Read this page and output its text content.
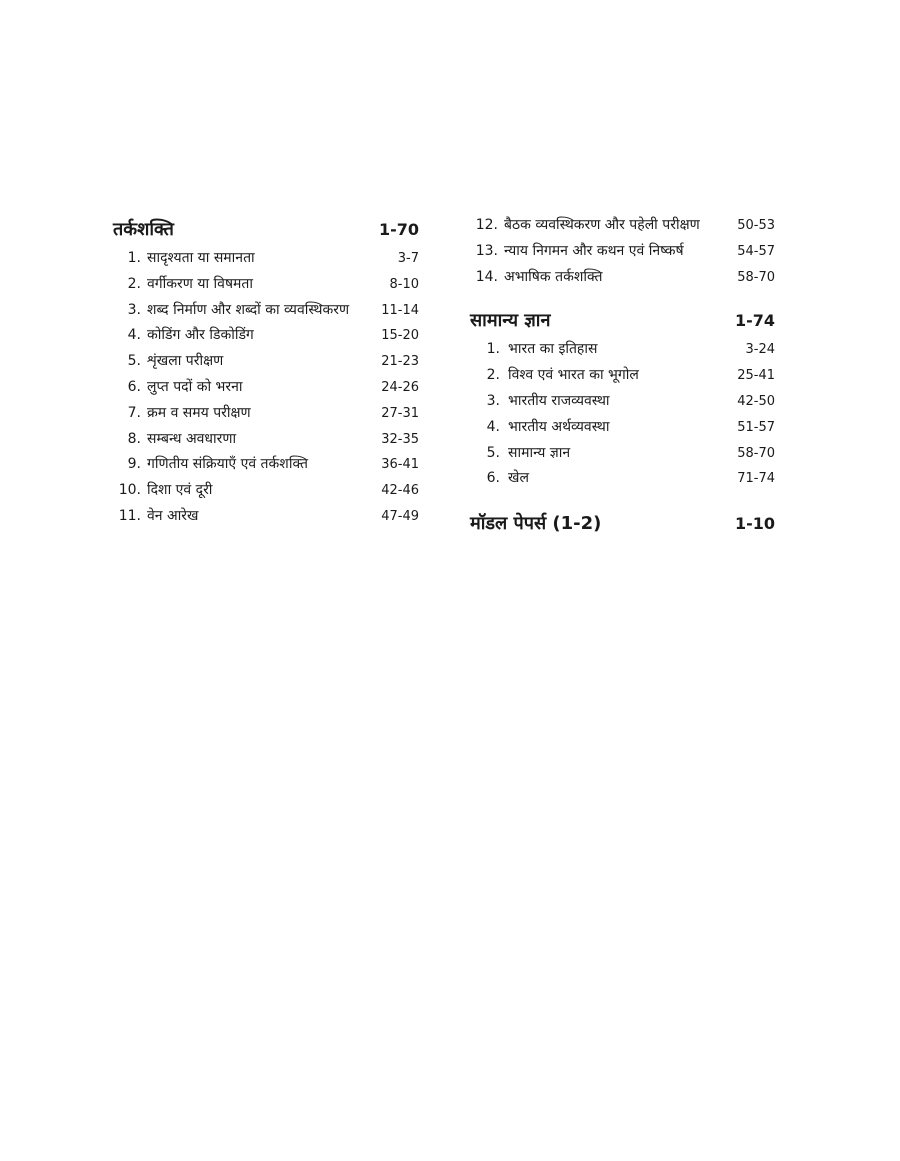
तर्कशक्ति	1-70
1. सादृश्यता या समानता	3-7
2. वर्गीकरण या विषमता	8-10
3. शब्द निर्माण और शब्दों का व्यवस्थिकरण	11-14
4. कोडिंग और डिकोडिंग	15-20
5. शृंखला परीक्षण	21-23
6. लुप्त पदों को भरना	24-26
7. क्रम व समय परीक्षण	27-31
8. सम्बन्ध अवधारणा	32-35
9. गणितीय संक्रियाएँ एवं तर्कशक्ति	36-41
10. दिशा एवं दूरी	42-46
11. वेन आरेख	47-49
12. बैठक व्यवस्थिकरण और पहेली परीक्षण	50-53
13. न्याय निगमन और कथन एवं निष्कर्ष	54-57
14. अभाषिक तर्कशक्ति	58-70
सामान्य ज्ञान	1-74
1. भारत का इतिहास	3-24
2. विश्व एवं भारत का भूगोल	25-41
3. भारतीय राजव्यवस्था	42-50
4. भारतीय अर्थव्यवस्था	51-57
5. सामान्य ज्ञान	58-70
6. खेल	71-74
मॉडल पेपर्स (1-2)	1-10
